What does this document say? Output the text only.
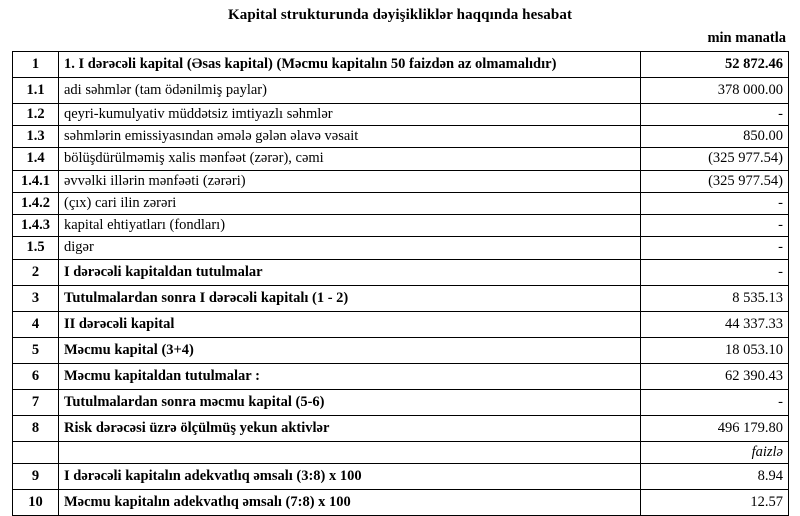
Kapital strukturunda dəyişikliklər haqqında hesabat
min manatla
1	1. I dərəcəli kapital (Əsas kapital) (Məcmu kapitalın 50 faizdən az olmamalıdır)	52 872.46
1.1	adi səhmlər (tam ödənilmiş paylar)	378 000.00
1.2	qeyri-kumulyativ müddətsiz imtiyazlı səhmlər	-
1.3	səhmlərin emissiyasından əmələ gələn əlavə vəsait	850.00
1.4	bölüşdürülməmiş xalis mənfəət (zərər), cəmi	(325 977.54)
1.4.1	əvvəlki illərin mənfəəti (zərəri)	(325 977.54)
1.4.2	(çıx) cari ilin zərəri	-
1.4.3	kapital ehtiyatları (fondları)	-
1.5	digər	-
2	I dərəcəli kapitaldan tutulmalar	-
3	Tutulmalardan sonra I dərəcəli kapitalı (1 - 2)	8 535.13
4	II dərəcəli kapital	44 337.33
5	Məcmu kapital (3+4)	18 053.10
6	Məcmu kapitaldan tutulmalar :	62 390.43
7	Tutulmalardan sonra məcmu kapital (5-6)	-
8	Risk dərəcəsi üzrə ölçülmüş yekun aktivlər	496 179.80
		faizlə
9	I dərəcəli kapitalın adekvatlıq əmsalı (3:8) x 100	8.94
10	Məcmu kapitalın adekvatlıq əmsalı (7:8) x 100	12.57
